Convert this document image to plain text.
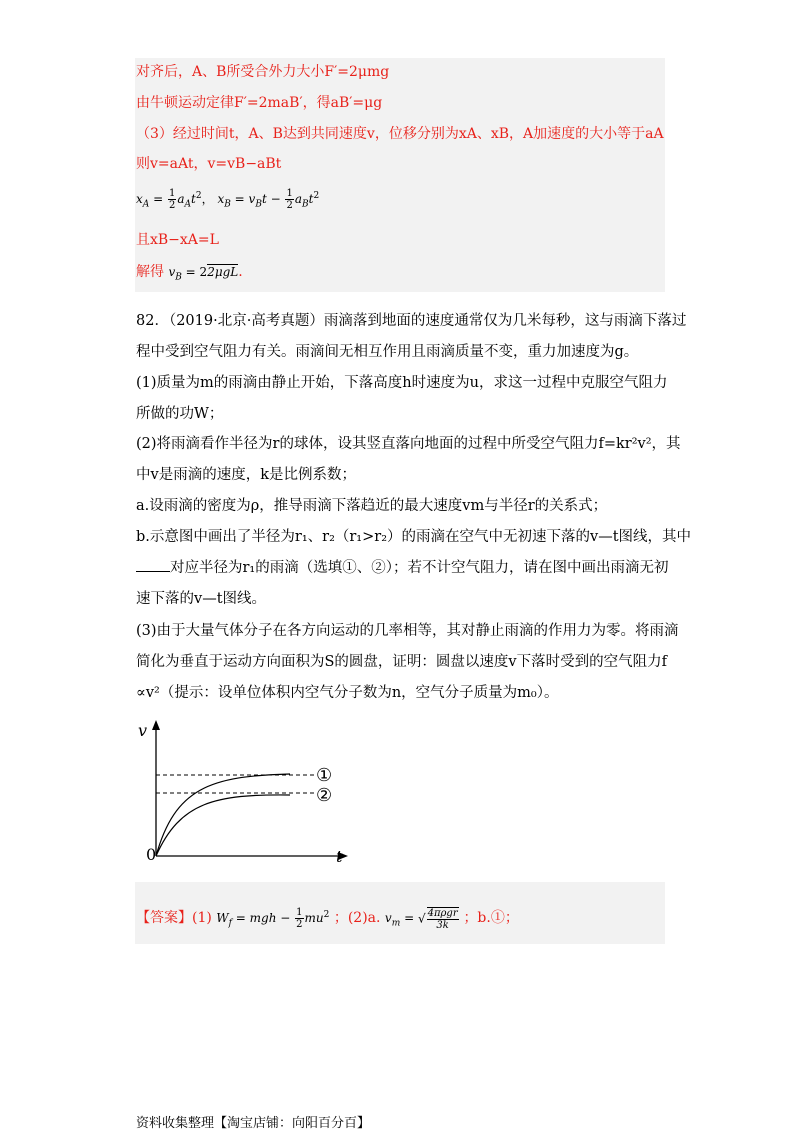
对齐后，A、B所受合外力大小F′=2μmg
由牛顿运动定律F′=2maB′，得aB′=μg
（3）经过时间t，A、B达到共同速度v，位移分别为xA、xB，A加速度的大小等于aA
则v=aAt，v=vB−aBt
$x_A = \frac{1}{2} a_At^2$， $x_B = v_Bt - \frac{1}{2} a_Bt^2$
且xB−xA=L
解得 $v_B = 22\mu gL$.
82．（2019·北京·高考真题）雨滴落到地面的速度通常仅为几米每秒，这与雨滴下落过
程中受到空气阻力有关。雨滴间无相互作用且雨滴质量不变，重力加速度为g。
(1)质量为m的雨滴由静止开始，下落高度h时速度为u，求这一过程中克服空气阻力
所做的功W；
(2)将雨滴看作半径为r的球体，设其竖直落向地面的过程中所受空气阻力f=kr²v²，其
中v是雨滴的速度，k是比例系数；
a.设雨滴的密度为ρ，推导雨滴下落趋近的最大速度vm与半径r的关系式；
b.示意图中画出了半径为r₁、r₂（r₁>r₂）的雨滴在空气中无初速下落的v—t图线，其中
对应半径为r₁的雨滴（选填①、②）；若不计空气阻力，请在图中画出雨滴无初
速下落的v—t图线。
(3)由于大量气体分子在各方向运动的几率相等，其对静止雨滴的作用力为零。将雨滴
简化为垂直于运动方向面积为S的圆盘，证明：圆盘以速度v下落时受到的空气阻力f
∝v²（提示：设单位体积内空气分子数为n，空气分子质量为m₀）。
v
t
0
①
②
【答案】(1) $W_f$ = mgh − $\frac{1}{2} mu^2$ ；(2)a. $v_m$ = √ $\frac{\text{4πρgr}}{3k}$ ；b.①；
资料收集整理【淘宝店铺：向阳百分百】
